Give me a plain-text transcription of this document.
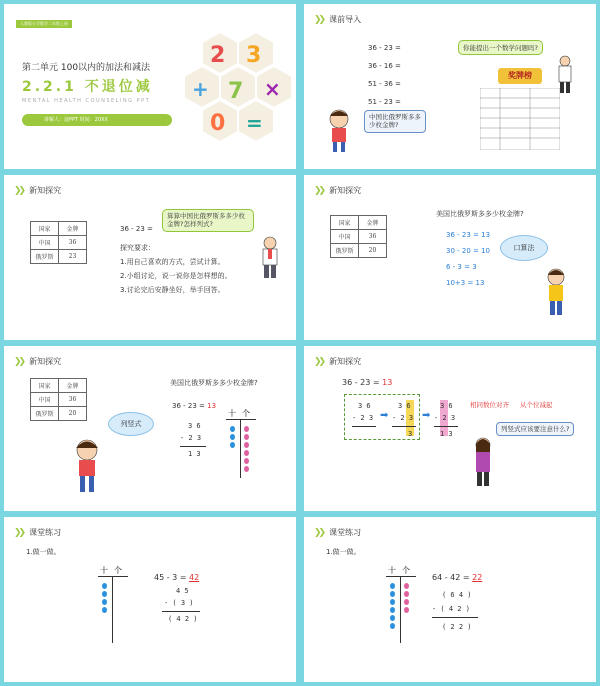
人教版小学数学二年级上册
第二单元 100以内的加法和减法
2.2.1 不退位减
MENTAL HEALTH COUNSELING PPT
讲解人：途PPT 时间：20XX
2 3
+ 7 ×
0 =
❯❯ 课前导入
36 - 23 =
36 - 16 =
51 - 36 =
51 - 23 =
你能提出一个数学问题吗?
中国比俄罗斯多多少枚金牌?
奖牌榜
❯❯ 新知探究
国家	金牌
中国	36
俄罗斯	23
36 - 23 =
算算中国比俄罗斯多多少枚金牌?怎样列式?
探究要求：
1.用自己喜欢的方式，尝试计算。
2.小组讨论，说一说你是怎样想的。
3.讨论完后安静坐好，举手回答。
❯❯ 新知探究
国家	金牌
中国	36
俄罗斯	20
美国比俄罗斯多多少枚金牌?
36 - 23 = 13
30 - 20 = 10
6 - 3 = 3
10+3 = 13
口算法
❯❯ 新知探究
国家	金牌
中国	36
俄罗斯	20
美国比俄罗斯多多少枚金牌?
36 - 23 = 13
3 6
- 2 3
1 3
十 个
列竖式
❯❯ 新知探究
36 - 23 = 13
3 6
- 2 3 ➡
3 6
- 2 3
3
➡
3 6
- 2 3
1 3
相同数位对齐 从个位减起
列竖式应该要注意什么?
❯❯ 课堂练习
1.做一做。
十 个
45 - 3 = 42
4 5
- ( 3 )
( 4 2 )
❯❯ 课堂练习
1.做一做。
十 个
64 - 42 = 22
( 6 4 )
- ( 4 2 )
( 2 2 )
